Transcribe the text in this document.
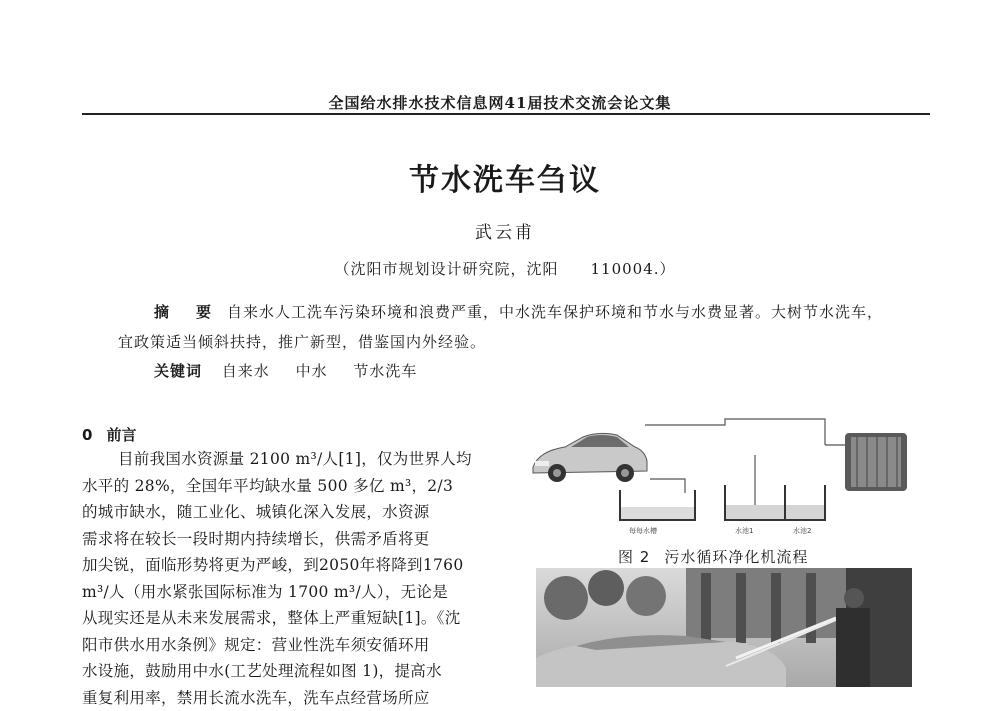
全国给水排水技术信息网41届技术交流会论文集
节水洗车刍议
武云甫
（沈阳市规划设计研究院，沈阳　　110004.）
摘　要 自来水人工洗车污染环境和浪费严重，中水洗车保护环境和节水与水费显著。大树节水洗车，宜政策适当倾斜扶持，推广新型，借鉴国内外经验。
关键词 自来水 中水 节水洗车
0 前言
目前我国水资源量 2100 m³/人[1]，仅为世界人均
水平的 28%，全国年平均缺水量 500 多亿 m³，2/3
的城市缺水，随工业化、城镇化深入发展，水资源
需求将在较长一段时期内持续增长，供需矛盾将更
加尖锐，面临形势将更为严峻，到2050年将降到1760
m³/人（用水紧张国际标准为 1700 m³/人），无论是
从现实还是从未来发展需求，整体上严重短缺[1]。《沈
阳市供水用水条例》规定：营业性洗车须安循环用
水设施，鼓励用中水(工艺处理流程如图 1)，提高水
重复利用率，禁用长流水洗车，洗车点经营场所应
每每水槽	水池1	水池2
图 2 污水循环净化机流程
